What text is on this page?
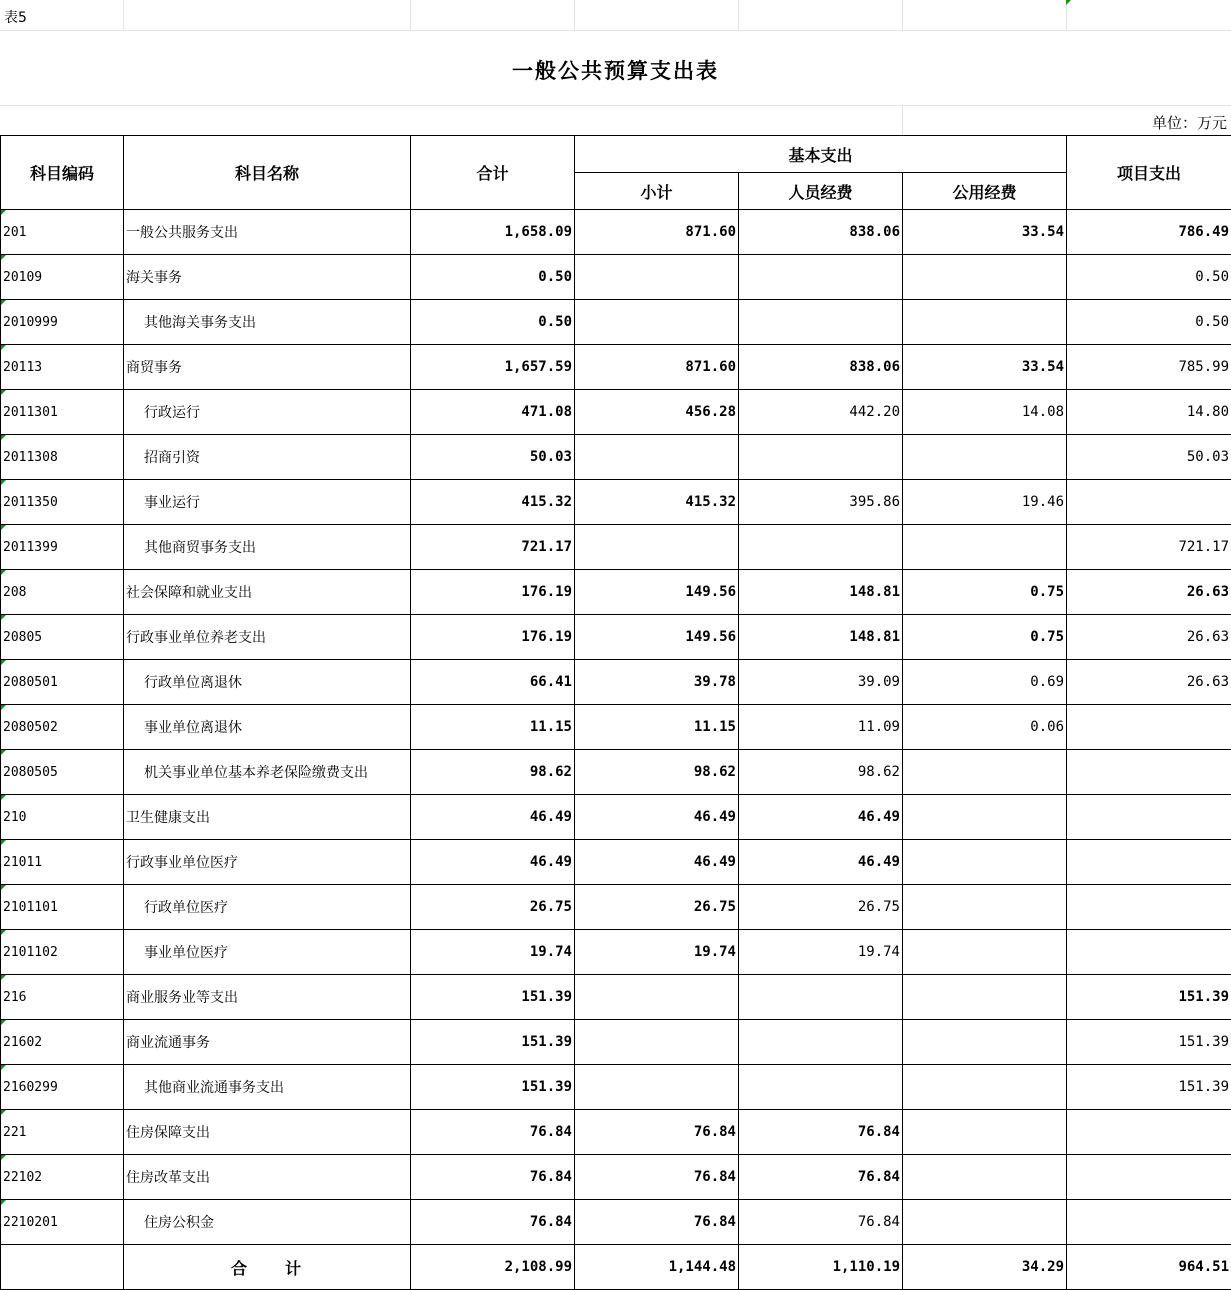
表5
一般公共预算支出表
单位：万元
科目编码	科目名称	合计	基本支出			项目支出
			小计	人员经费	公用经费	
201	一般公共服务支出	1,658.09	871.60	838.06	33.54	786.49
20109	海关事务	0.50				0.50
2010999	其他海关事务支出	0.50				0.50
20113	商贸事务	1,657.59	871.60	838.06	33.54	785.99
2011301	行政运行	471.08	456.28	442.20	14.08	14.80
2011308	招商引资	50.03				50.03
2011350	事业运行	415.32	415.32	395.86	19.46	
2011399	其他商贸事务支出	721.17				721.17
208	社会保障和就业支出	176.19	149.56	148.81	0.75	26.63
20805	行政事业单位养老支出	176.19	149.56	148.81	0.75	26.63
2080501	行政单位离退休	66.41	39.78	39.09	0.69	26.63
2080502	事业单位离退休	11.15	11.15	11.09	0.06	
2080505	机关事业单位基本养老保险缴费支出	98.62	98.62	98.62		
210	卫生健康支出	46.49	46.49	46.49		
21011	行政事业单位医疗	46.49	46.49	46.49		
2101101	行政单位医疗	26.75	26.75	26.75		
2101102	事业单位医疗	19.74	19.74	19.74		
216	商业服务业等支出	151.39				151.39
21602	商业流通事务	151.39				151.39
2160299	其他商业流通事务支出	151.39				151.39
221	住房保障支出	76.84	76.84	76.84		
22102	住房改革支出	76.84	76.84	76.84		
2210201	住房公积金	76.84	76.84	76.84		
	合　　计	2,108.99	1,144.48	1,110.19	34.29	964.51
